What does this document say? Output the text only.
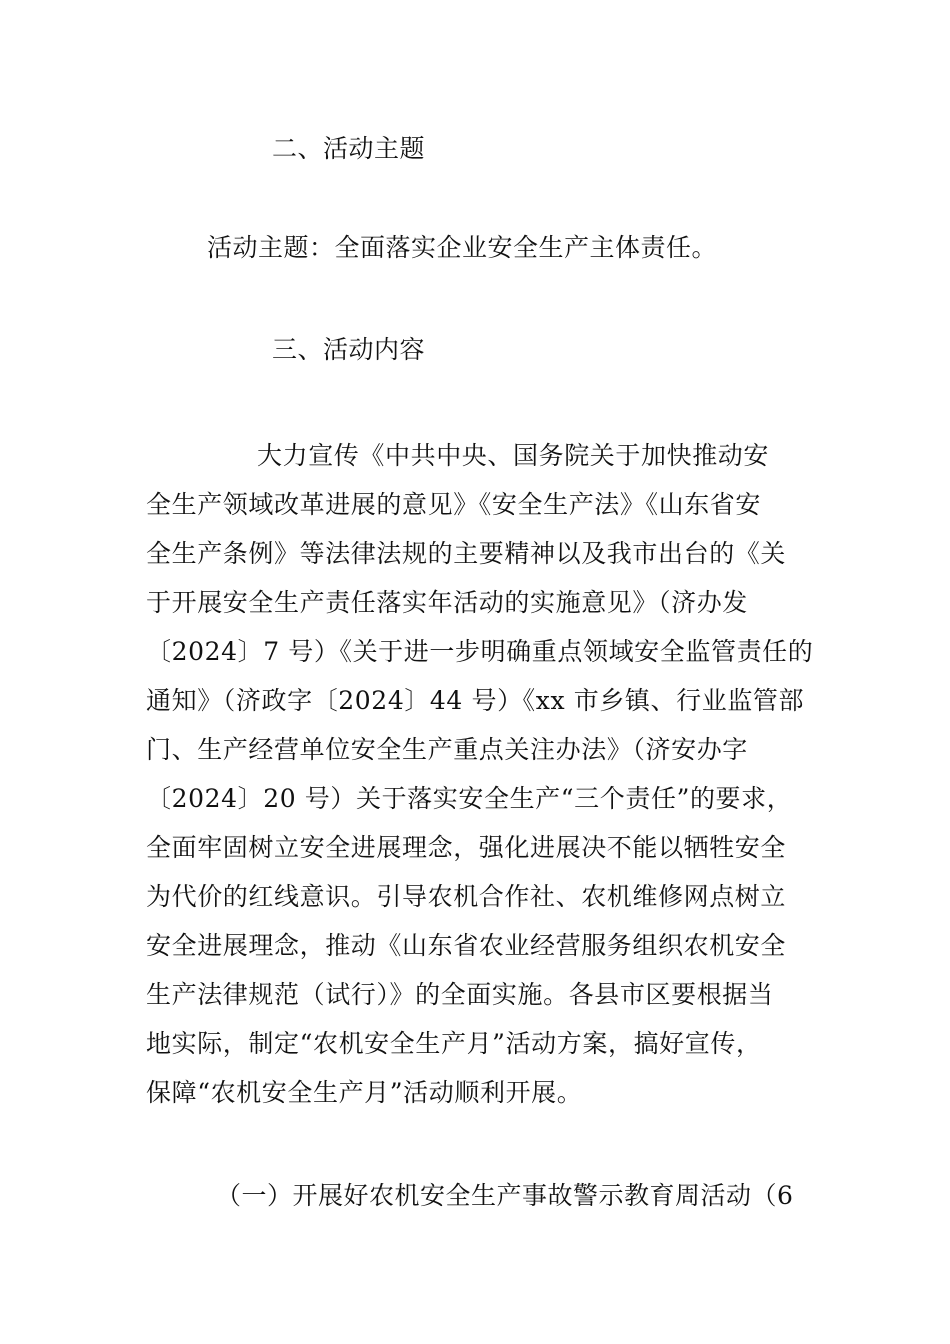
二、活动主题
活动主题：全面落实企业安全生产主体责任。
三、活动内容
大力宣传《中共中央、国务院关于加快推动安
全生产领域改革进展的意见》《安全生产法》《山东省安
全生产条例》等法律法规的主要精神以及我市出台的《关
于开展安全生产责任落实年活动的实施意见》（济办发
〔2024〕7 号）《关于进一步明确重点领域安全监管责任的
通知》（济政字〔2024〕44 号）《xx 市乡镇、行业监管部
门、生产经营单位安全生产重点关注办法》（济安办字
〔2024〕20 号）关于落实安全生产“三个责任”的要求，
全面牢固树立安全进展理念，强化进展决不能以牺牲安全
为代价的红线意识。引导农机合作社、农机维修网点树立
安全进展理念，推动《山东省农业经营服务组织农机安全
生产法律规范（试行）》的全面实施。各县市区要根据当
地实际，制定“农机安全生产月”活动方案，搞好宣传，
保障“农机安全生产月”活动顺利开展。
（一）开展好农机安全生产事故警示教育周活动（6
